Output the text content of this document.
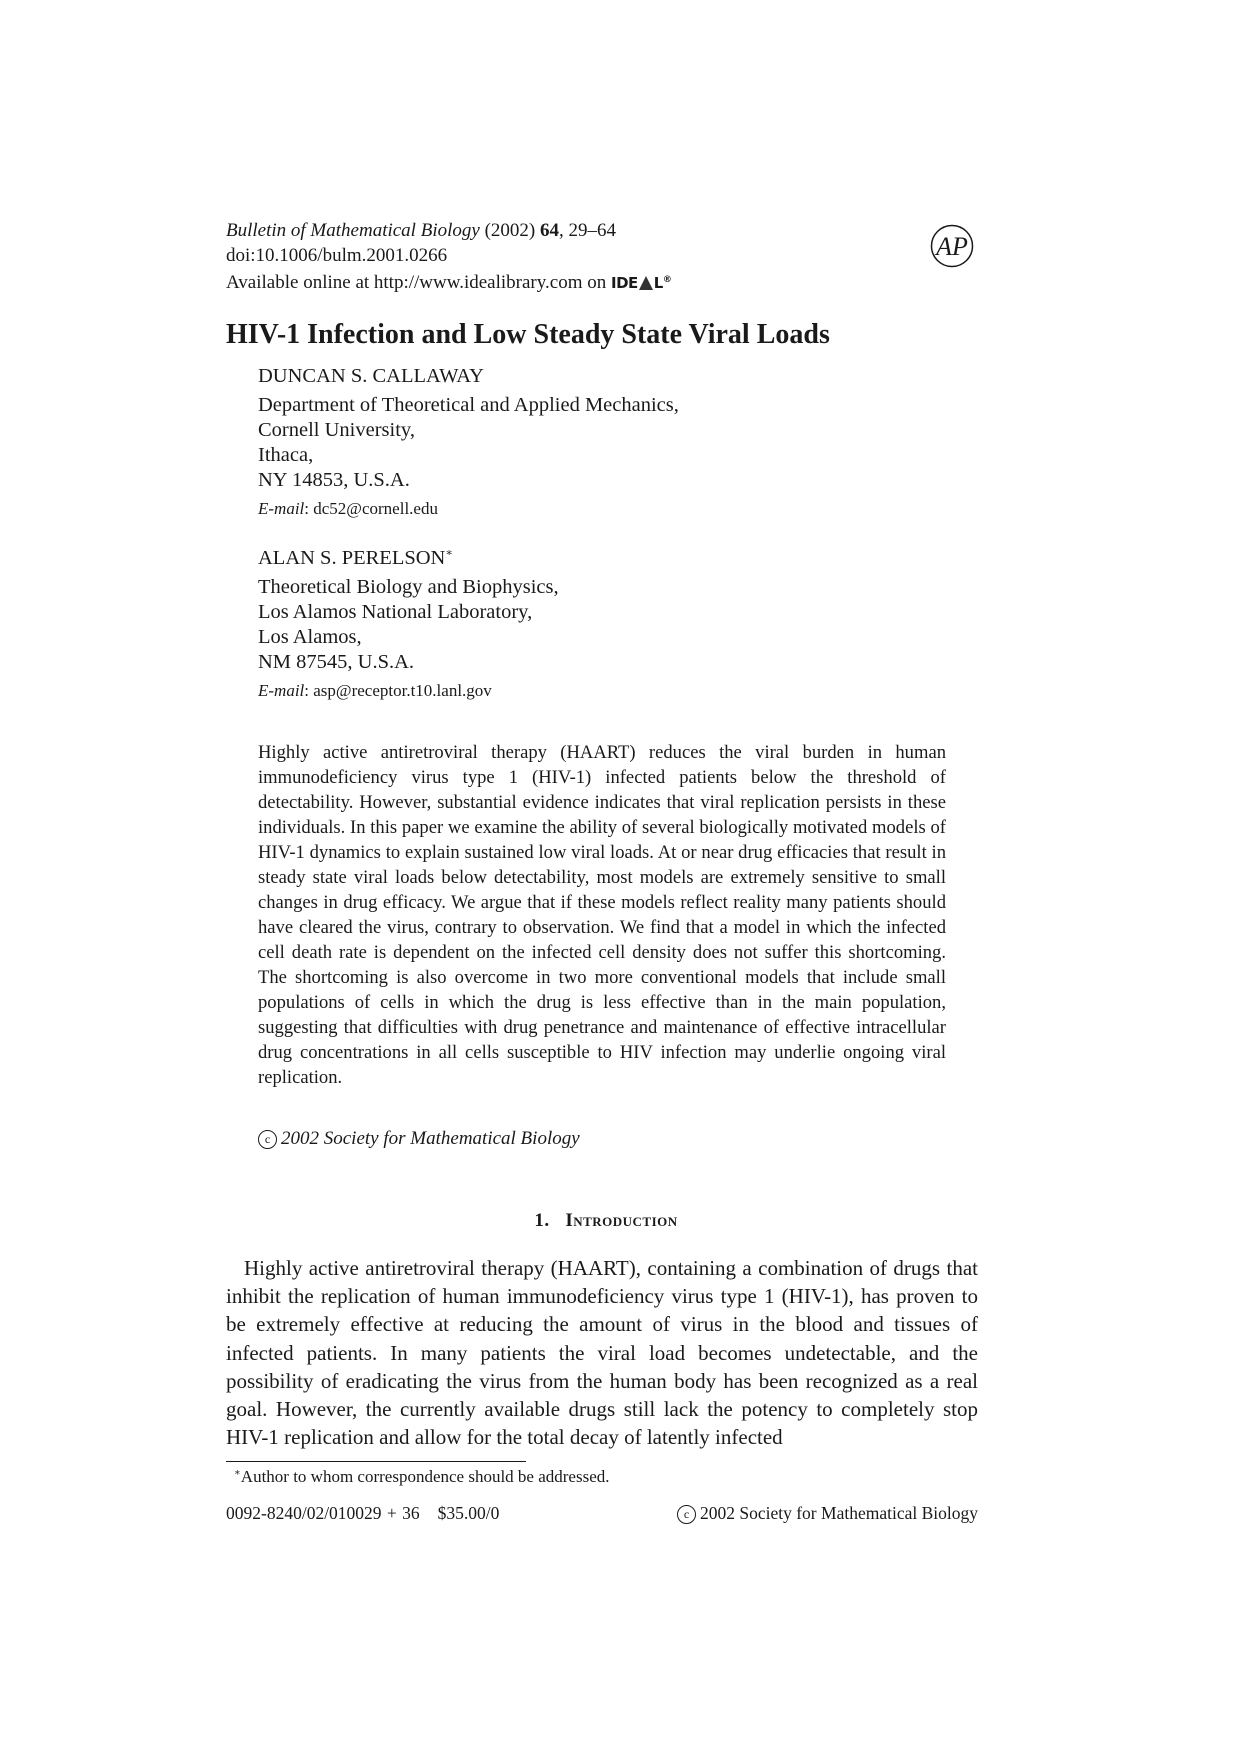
Bulletin of Mathematical Biology (2002) 64, 29–64
doi:10.1006/bulm.2001.0266
Available online at http://www.idealibrary.com on IDE L®
AP
HIV-1 Infection and Low Steady State Viral Loads
DUNCAN S. CALLAWAY
Department of Theoretical and Applied Mechanics,
Cornell University,
Ithaca,
NY 14853, U.S.A.
E-mail: dc52@cornell.edu
ALAN S. PERELSON∗
Theoretical Biology and Biophysics,
Los Alamos National Laboratory,
Los Alamos,
NM 87545, U.S.A.
E-mail: asp@receptor.t10.lanl.gov
Highly active antiretroviral therapy (HAART) reduces the viral burden in human immunodeficiency virus type 1 (HIV-1) infected patients below the threshold of detectability. However, substantial evidence indicates that viral replication persists in these individuals. In this paper we examine the ability of several biologically motivated models of HIV-1 dynamics to explain sustained low viral loads. At or near drug efficacies that result in steady state viral loads below detectability, most models are extremely sensitive to small changes in drug efficacy. We argue that if these models reflect reality many patients should have cleared the virus, contrary to observation. We find that a model in which the infected cell death rate is dependent on the infected cell density does not suffer this shortcoming. The shortcoming is also overcome in two more conventional models that include small populations of cells in which the drug is less effective than in the main population, suggesting that difficulties with drug penetrance and maintenance of effective intracellular drug concentrations in all cells susceptible to HIV infection may underlie ongoing viral replication.
c 2002 Society for Mathematical Biology
1. Introduction
Highly active antiretroviral therapy (HAART), containing a combination of drugs that inhibit the replication of human immunodeficiency virus type 1 (HIV-1), has proven to be extremely effective at reducing the amount of virus in the blood and tissues of infected patients. In many patients the viral load becomes undetectable, and the possibility of eradicating the virus from the human body has been recognized as a real goal. However, the currently available drugs still lack the potency to completely stop HIV-1 replication and allow for the total decay of latently infected
∗Author to whom correspondence should be addressed.
0092-8240/02/010029 + 36 $35.00/0	c 2002 Society for Mathematical Biology
